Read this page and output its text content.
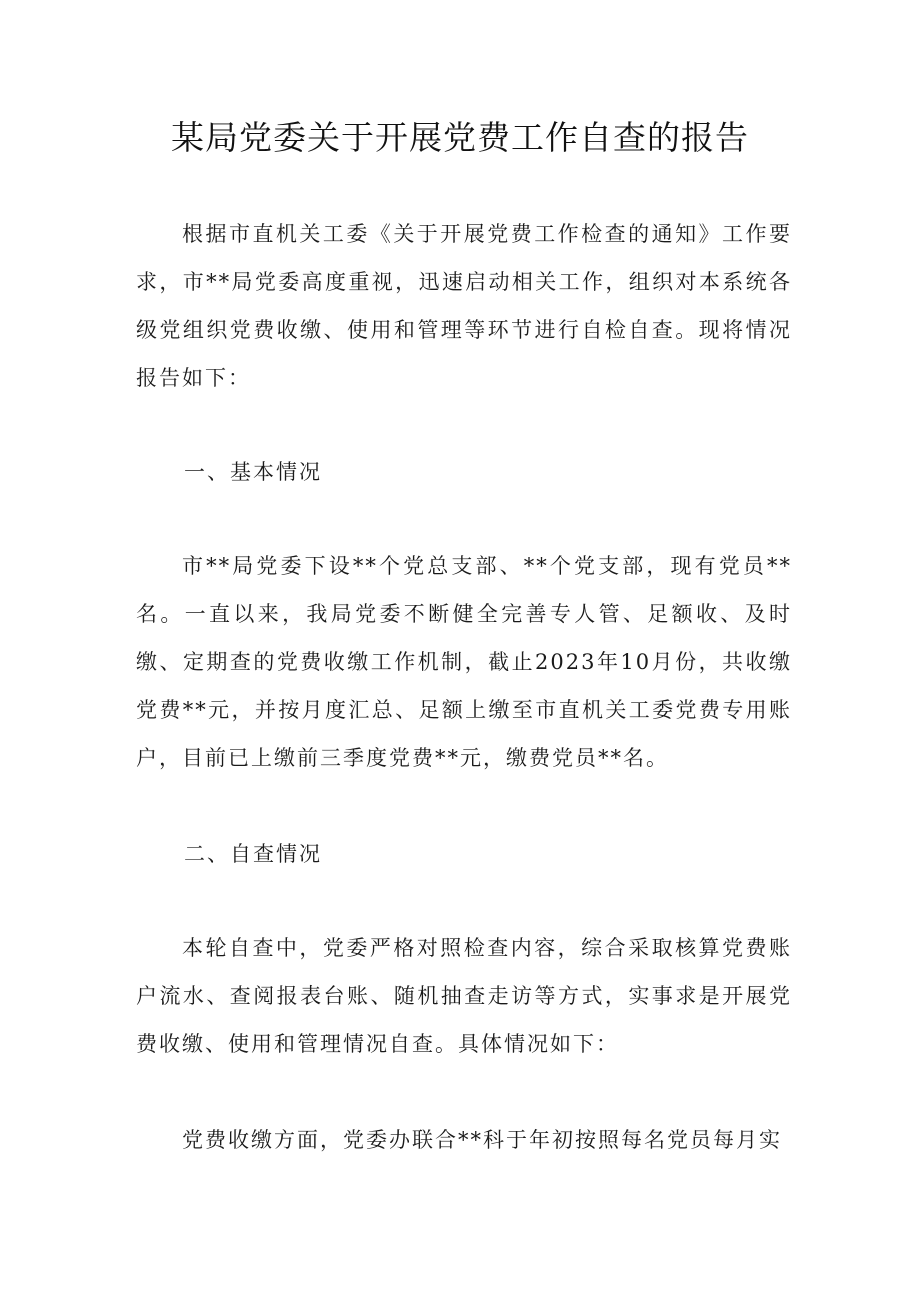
某局党委关于开展党费工作自查的报告

根据市直机关工委《关于开展党费工作检查的通知》工作要求，市**局党委高度重视，迅速启动相关工作，组织对本系统各级党组织党费收缴、使用和管理等环节进行自检自查。现将情况报告如下：

一、基本情况

市**局党委下设**个党总支部、**个党支部，现有党员**名。一直以来，我局党委不断健全完善专人管、足额收、及时缴、定期查的党费收缴工作机制，截止2023年10月份，共收缴党费**元，并按月度汇总、足额上缴至市直机关工委党费专用账户，目前已上缴前三季度党费**元，缴费党员**名。

二、自查情况

本轮自查中，党委严格对照检查内容，综合采取核算党费账户流水、查阅报表台账、随机抽查走访等方式，实事求是开展党费收缴、使用和管理情况自查。具体情况如下：

党费收缴方面，党委办联合**科于年初按照每名党员每月实
